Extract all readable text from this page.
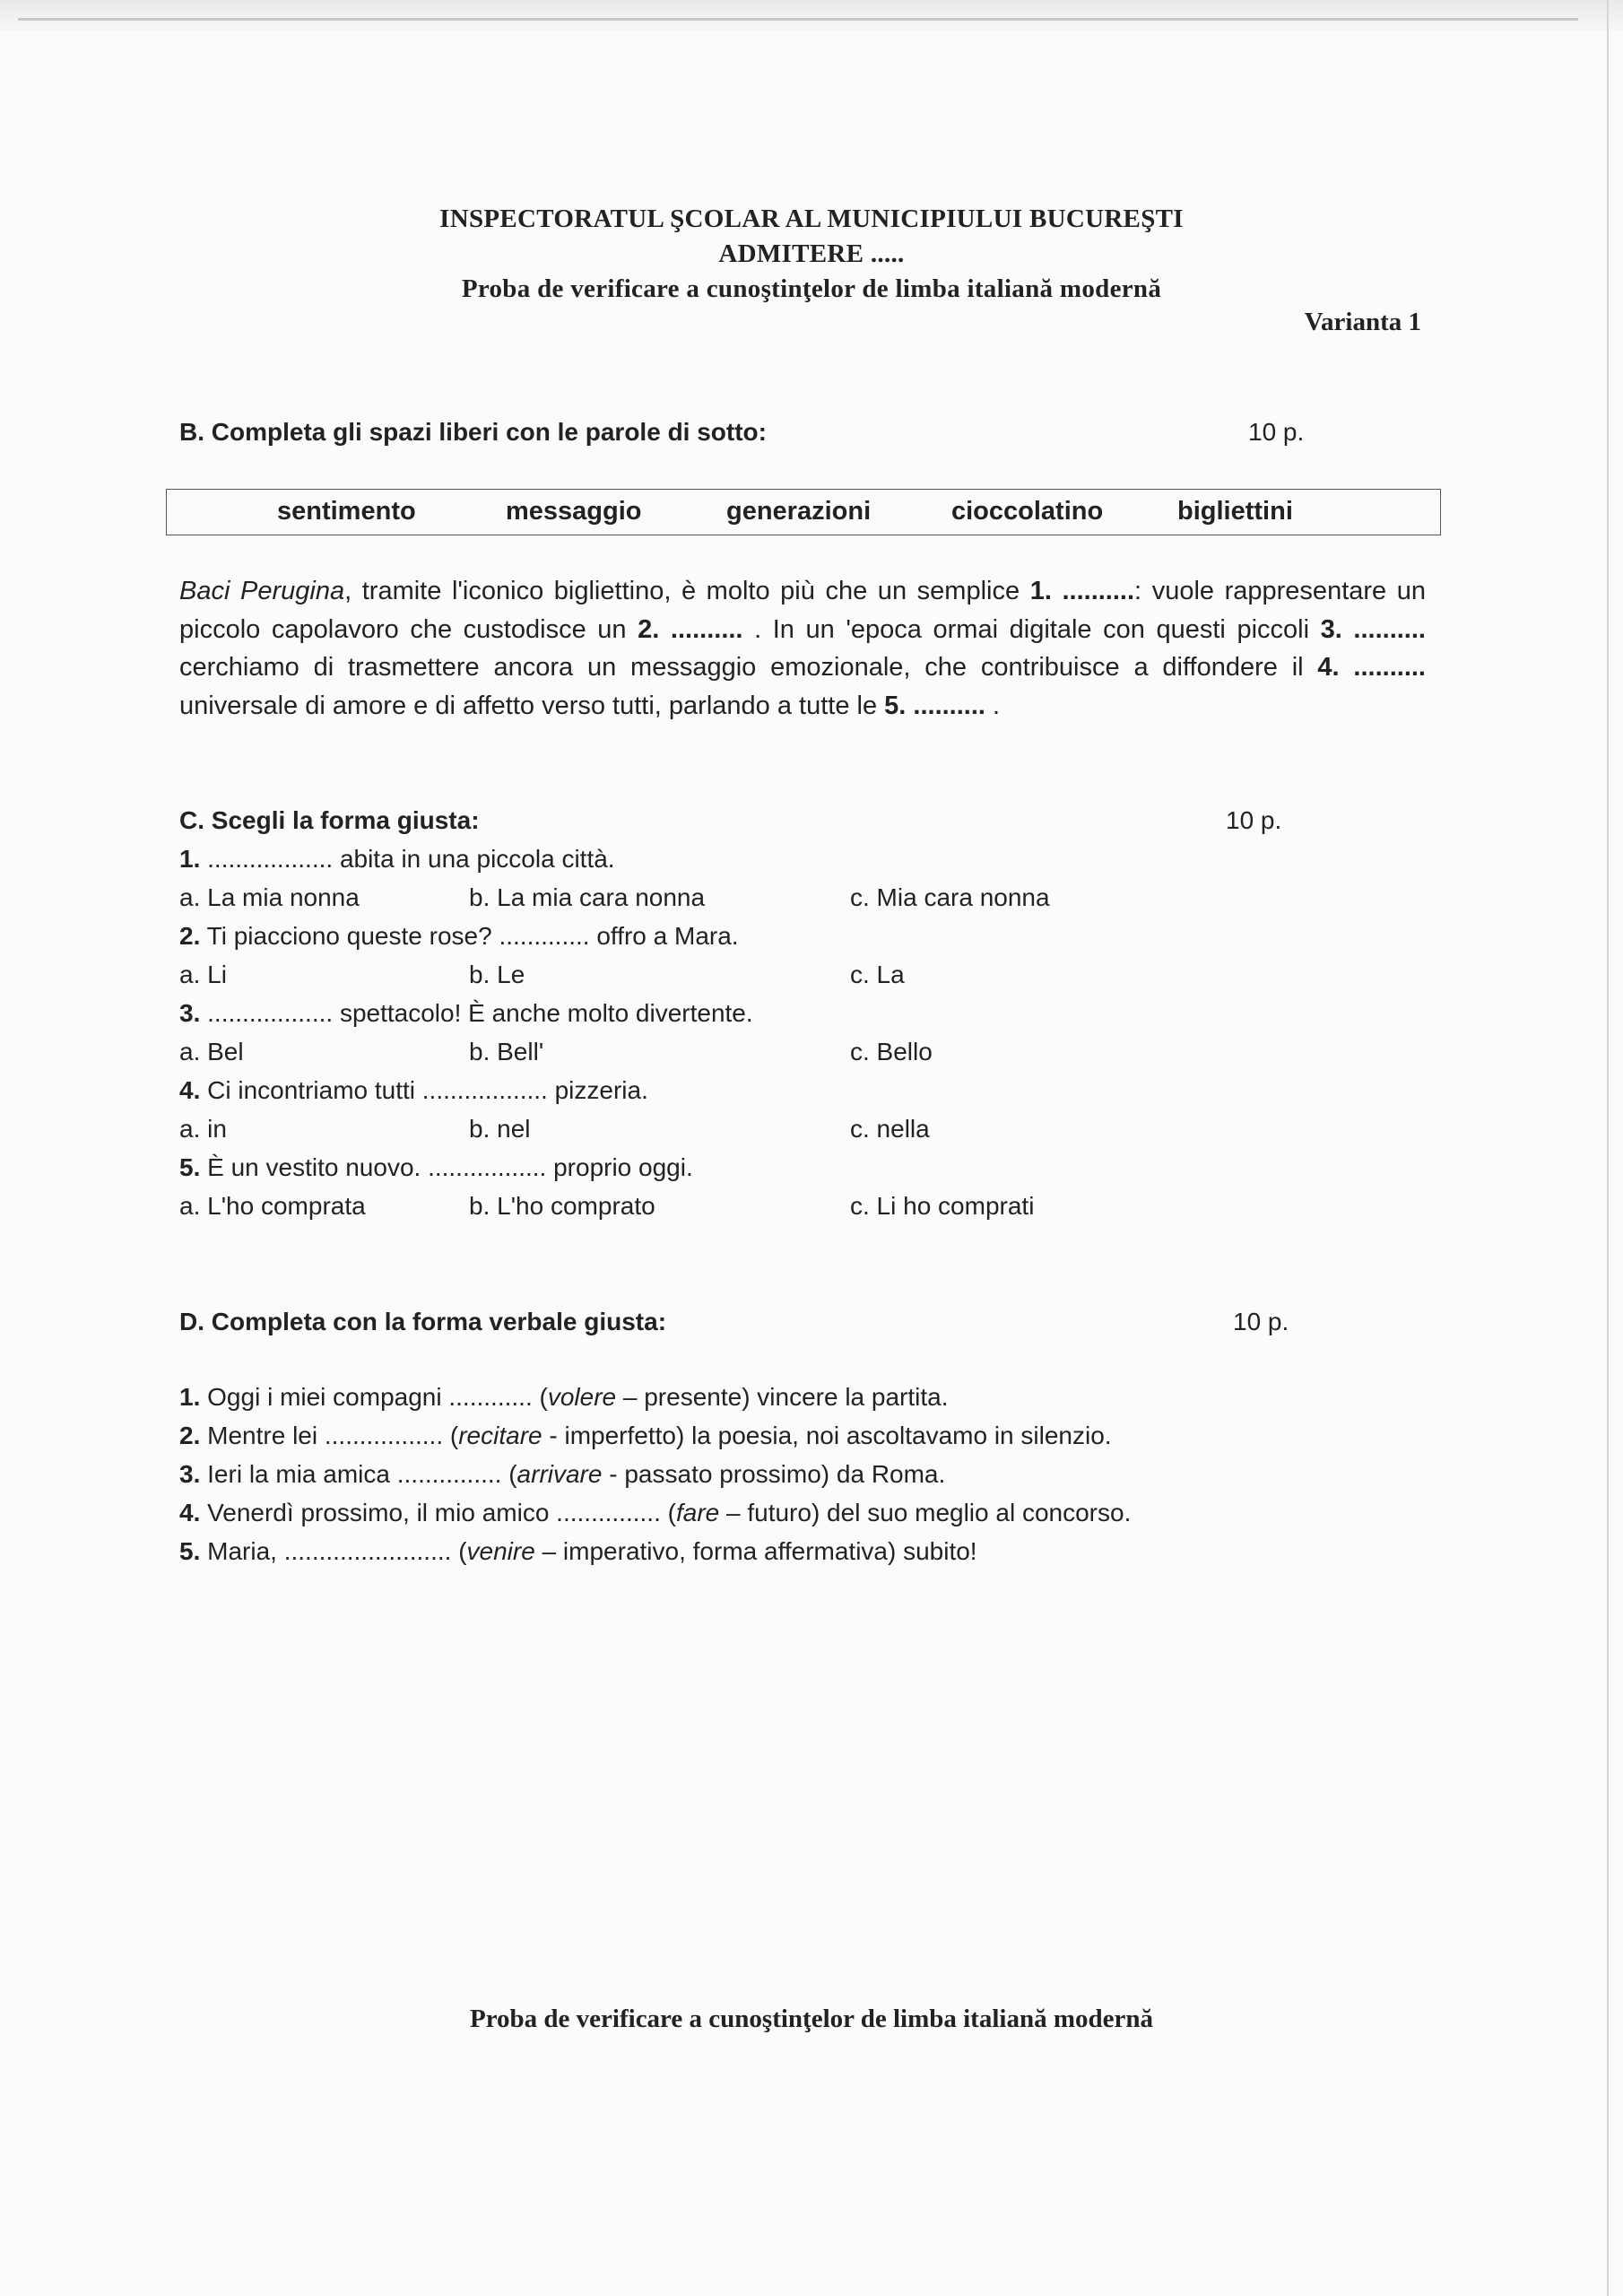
INSPECTORATUL ŞCOLAR AL MUNICIPIULUI BUCUREŞTI
ADMITERE .....
Proba de verificare a cunoştinţelor de limba italiană modernă
Varianta 1
B. Completa gli spazi liberi con le parole di sotto:	10 p.
sentimento	messaggio	generazioni	cioccolatino	bigliettini
Baci Perugina, tramite l'iconico bigliettino, è molto più che un semplice 1. ..........: vuole rappresentare un piccolo capolavoro che custodisce un 2. .......... . In un 'epoca ormai digitale con questi piccoli 3. .......... cerchiamo di trasmettere ancora un messaggio emozionale, che contribuisce a diffondere il 4. .......... universale di amore e di affetto verso tutti, parlando a tutte le 5. .......... .
C. Scegli la forma giusta:	10 p.
1. .................. abita in una piccola città.
a. La mia nonna	b. La mia cara nonna	c. Mia cara nonna
2. Ti piacciono queste rose? ............. offro a Mara.
a. Li	b. Le	c. La
3. .................. spettacolo! È anche molto divertente.
a. Bel	b. Bell'	c. Bello
4. Ci incontriamo tutti .................. pizzeria.
a. in	b. nel	c. nella
5. È un vestito nuovo. ................. proprio oggi.
a. L'ho comprata	b. L'ho comprato	c. Li ho comprati
D. Completa con la forma verbale giusta:	10 p.
1. Oggi i miei compagni ............ (volere – presente) vincere la partita.
2. Mentre lei ................. (recitare - imperfetto) la poesia, noi ascoltavamo in silenzio.
3. Ieri la mia amica ............... (arrivare - passato prossimo) da Roma.
4. Venerdì prossimo, il mio amico ............... (fare – futuro) del suo meglio al concorso.
5. Maria, ........................ (venire – imperativo, forma affermativa) subito!
Proba de verificare a cunoştinţelor de limba italiană modernă
